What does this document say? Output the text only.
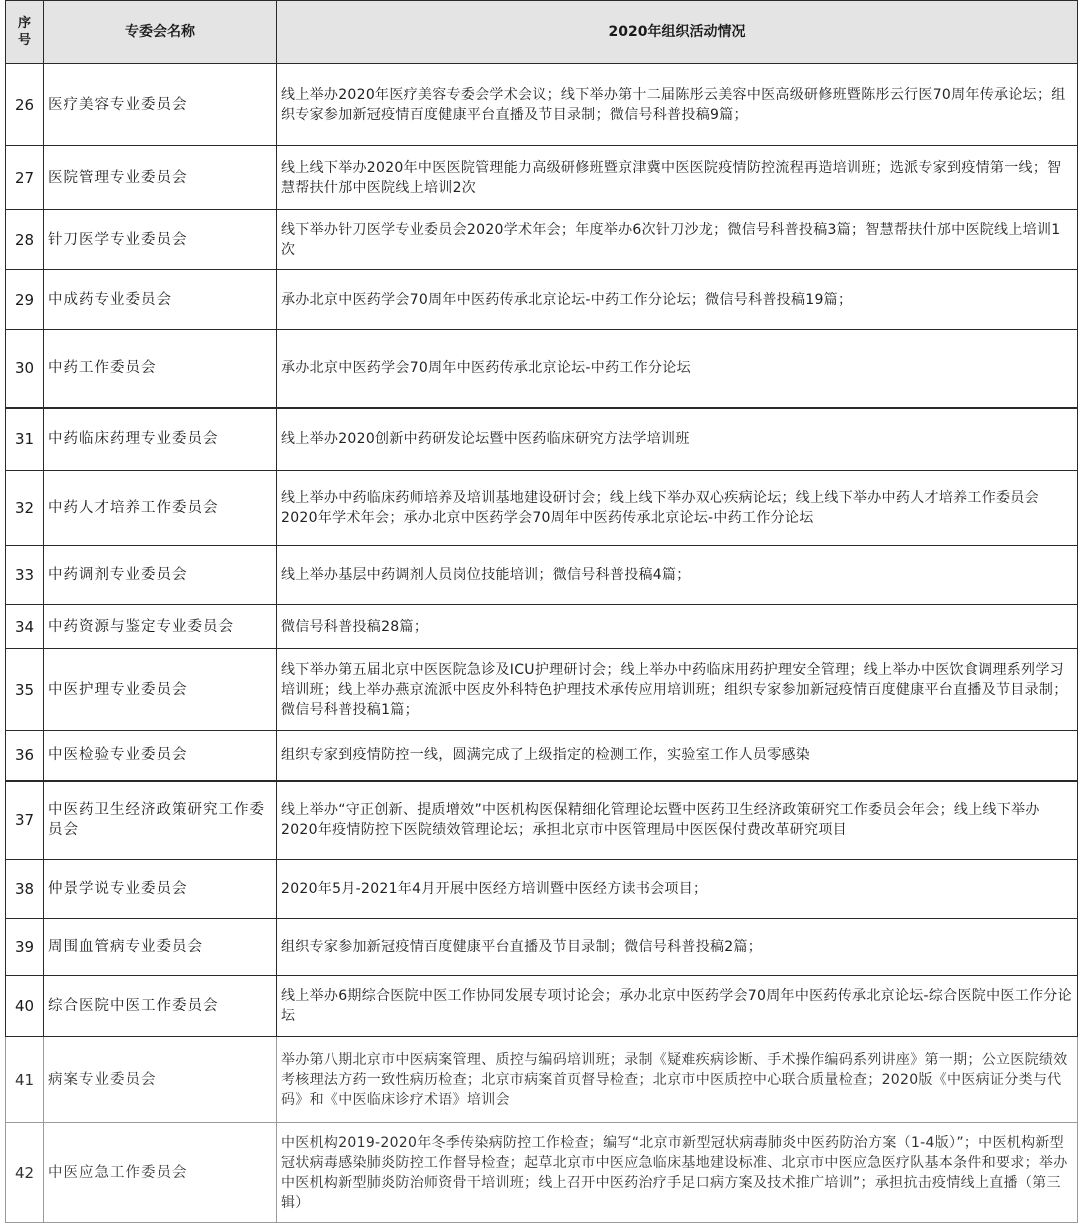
序号	专委会名称	2020年组织活动情况
26	医疗美容专业委员会	线上举办2020年医疗美容专委会学术会议；线下举办第十二届陈彤云美容中医高级研修班暨陈彤云行医70周年传承论坛；组织专家参加新冠疫情百度健康平台直播及节目录制；微信号科普投稿9篇；
27	医院管理专业委员会	线上线下举办2020年中医医院管理能力高级研修班暨京津冀中医医院疫情防控流程再造培训班；选派专家到疫情第一线；智慧帮扶什邡中医院线上培训2次
28	针刀医学专业委员会	线下举办针刀医学专业委员会2020学术年会；年度举办6次针刀沙龙；微信号科普投稿3篇；智慧帮扶什邡中医院线上培训1次
29	中成药专业委员会	承办北京中医药学会70周年中医药传承北京论坛-中药工作分论坛；微信号科普投稿19篇；
30	中药工作委员会	承办北京中医药学会70周年中医药传承北京论坛-中药工作分论坛
31	中药临床药理专业委员会	线上举办2020创新中药研发论坛暨中医药临床研究方法学培训班
32	中药人才培养工作委员会	线上举办中药临床药师培养及培训基地建设研讨会；线上线下举办双心疾病论坛；线上线下举办中药人才培养工作委员会2020年学术年会；承办北京中医药学会70周年中医药传承北京论坛-中药工作分论坛
33	中药调剂专业委员会	线上举办基层中药调剂人员岗位技能培训；微信号科普投稿4篇；
34	中药资源与鉴定专业委员会	微信号科普投稿28篇；
35	中医护理专业委员会	线下举办第五届北京中医医院急诊及ICU护理研讨会；线上举办中药临床用药护理安全管理；线上举办中医饮食调理系列学习培训班；线上举办燕京流派中医皮外科特色护理技术承传应用培训班；组织专家参加新冠疫情百度健康平台直播及节目录制；微信号科普投稿1篇；
36	中医检验专业委员会	组织专家到疫情防控一线，圆满完成了上级指定的检测工作，实验室工作人员零感染
37	中医药卫生经济政策研究工作委员会	线上举办“守正创新、提质增效”中医机构医保精细化管理论坛暨中医药卫生经济政策研究工作委员会年会；线上线下举办2020年疫情防控下医院绩效管理论坛；承担北京市中医管理局中医医保付费改革研究项目
38	仲景学说专业委员会	2020年5月-2021年4月开展中医经方培训暨中医经方读书会项目；
39	周围血管病专业委员会	组织专家参加新冠疫情百度健康平台直播及节目录制；微信号科普投稿2篇；
40	综合医院中医工作委员会	线上举办6期综合医院中医工作协同发展专项讨论会；承办北京中医药学会70周年中医药传承北京论坛-综合医院中医工作分论坛
41	病案专业委员会	举办第八期北京市中医病案管理、质控与编码培训班；录制《疑难疾病诊断、手术操作编码系列讲座》第一期；公立医院绩效考核理法方药一致性病历检查；北京市病案首页督导检查；北京市中医质控中心联合质量检查；2020版《中医病证分类与代码》和《中医临床诊疗术语》培训会
42	中医应急工作委员会	中医机构2019-2020年冬季传染病防控工作检查；编写“北京市新型冠状病毒肺炎中医药防治方案（1-4版）”；中医机构新型冠状病毒感染肺炎防控工作督导检查；起草北京市中医应急临床基地建设标准、北京市中医应急医疗队基本条件和要求；举办中医机构新型肺炎防治师资骨干培训班；线上召开中医药治疗手足口病方案及技术推广培训”；承担抗击疫情线上直播（第三辑）
